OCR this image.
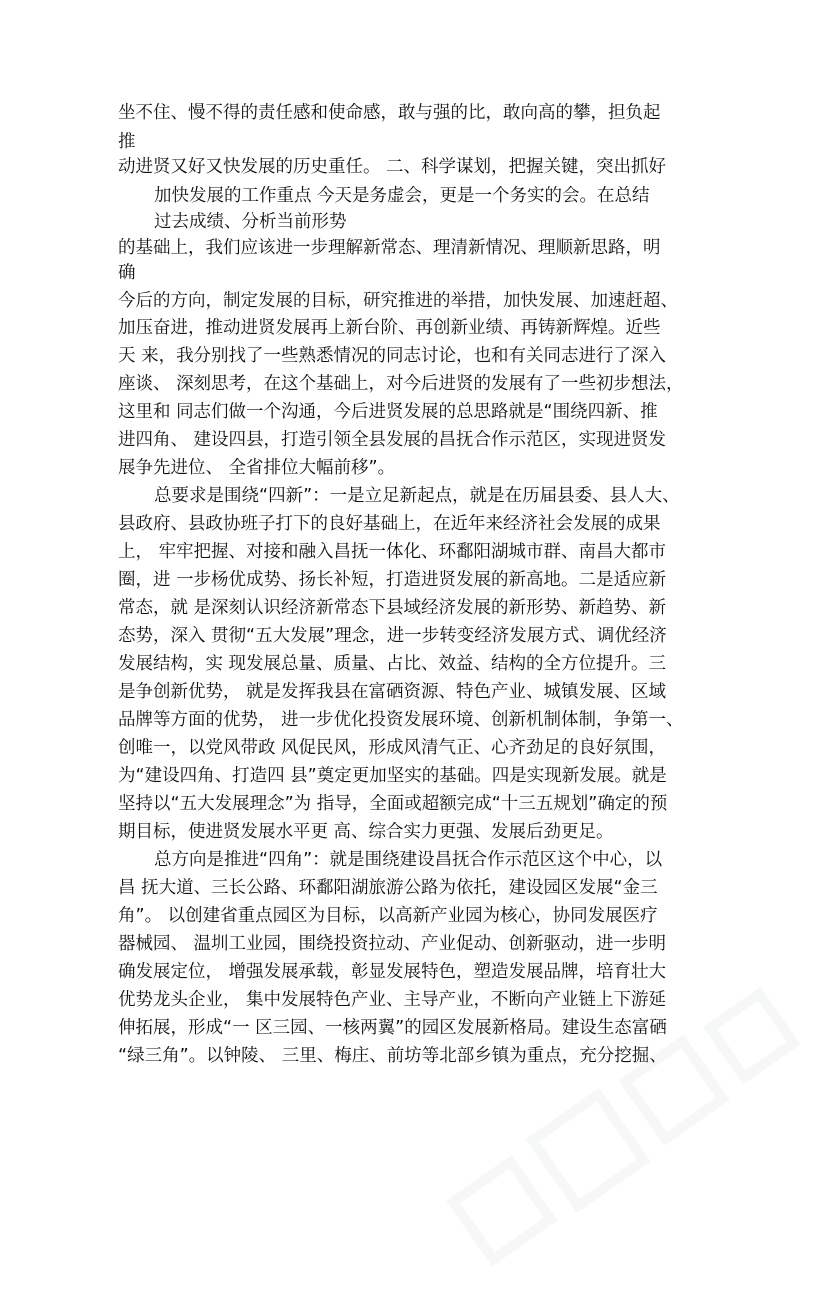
坐不住、慢不得的责任感和使命感，敢与强的比，敢向高的攀，担负起
推
动进贤又好又快发展的历史重任。 二、科学谋划，把握关键，突出抓好
加快发展的工作重点 今天是务虚会，更是一个务实的会。在总结
过去成绩、分析当前形势
的基础上，我们应该进一步理解新常态、理清新情况、理顺新思路，明
确
今后的方向，制定发展的目标，研究推进的举措，加快发展、加速赶超、
加压奋进，推动进贤发展再上新台阶、再创新业绩、再铸新辉煌。近些
天 来，我分别找了一些熟悉情况的同志讨论，也和有关同志进行了深入
座谈、 深刻思考，在这个基础上，对今后进贤的发展有了一些初步想法，
这里和 同志们做一个沟通，今后进贤发展的总思路就是“围绕四新、推
进四角、 建设四县，打造引领全县发展的昌抚合作示范区，实现进贤发
展争先进位、 全省排位大幅前移”。
总要求是围绕“四新”：一是立足新起点，就是在历届县委、县人大、
县政府、县政协班子打下的良好基础上，在近年来经济社会发展的成果
上， 牢牢把握、对接和融入昌抚一体化、环鄱阳湖城市群、南昌大都市
圈，进 一步杨优成势、扬长补短，打造进贤发展的新高地。二是适应新
常态，就 是深刻认识经济新常态下县域经济发展的新形势、新趋势、新
态势，深入 贯彻“五大发展”理念，进一步转变经济发展方式、调优经济
发展结构，实 现发展总量、质量、占比、效益、结构的全方位提升。三
是争创新优势， 就是发挥我县在富硒资源、特色产业、城镇发展、区域
品牌等方面的优势， 进一步优化投资发展环境、创新机制体制，争第一、
创唯一，以党风带政 风促民风，形成风清气正、心齐劲足的良好氛围，
为“建设四角、打造四 县”奠定更加坚实的基础。四是实现新发展。就是
坚持以“五大发展理念”为 指导，全面或超额完成“十三五规划”确定的预
期目标，使进贤发展水平更 高、综合实力更强、发展后劲更足。
总方向是推进“四角”：就是围绕建设昌抚合作示范区这个中心，以
昌 抚大道、三长公路、环鄱阳湖旅游公路为依托，建设园区发展“金三
角”。 以创建省重点园区为目标，以高新产业园为核心，协同发展医疗
器械园、 温圳工业园，围绕投资拉动、产业促动、创新驱动，进一步明
确发展定位， 增强发展承载，彰显发展特色，塑造发展品牌，培育壮大
优势龙头企业， 集中发展特色产业、主导产业，不断向产业链上下游延
伸拓展，形成“一 区三园、一核两翼”的园区发展新格局。建设生态富硒
“绿三角”。以钟陵、 三里、梅庄、前坊等北部乡镇为重点，充分挖掘、
